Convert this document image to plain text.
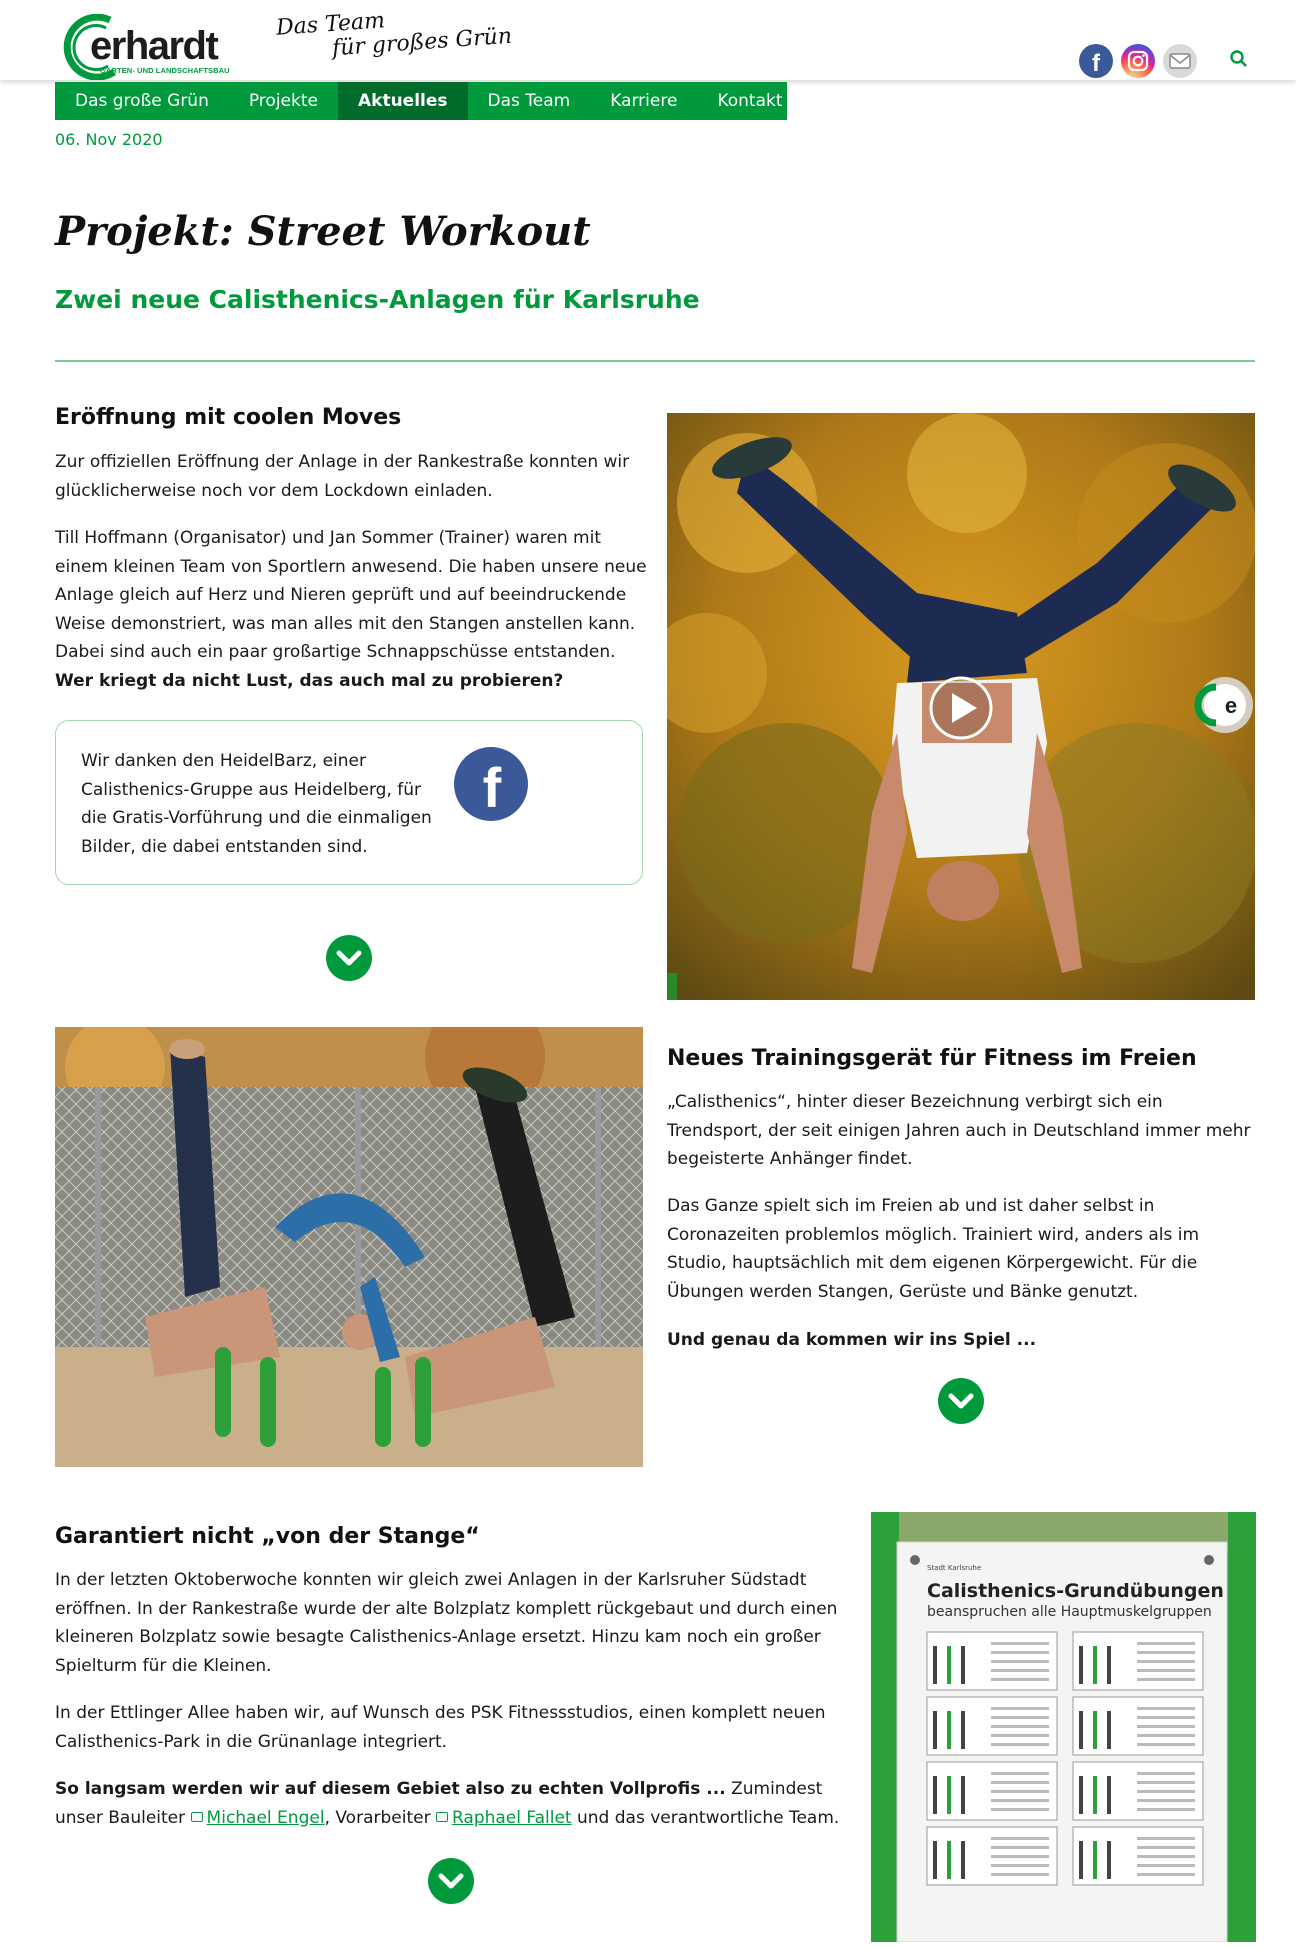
erhardt
GARTEN- UND LANDSCHAFTSBAU
Das Team
für großes Grün
f
Das große Grün	Projekte	Aktuelles	Das Team	Karriere	Kontakt
06. Nov 2020
Projekt: Street Workout
Zwei neue Calisthenics-Anlagen für Karlsruhe
Eröffnung mit coolen Moves

Zur offiziellen Eröffnung der Anlage in der Rankestraße konnten wir glücklicherweise noch vor dem Lockdown einladen.

Till Hoffmann (Organisator) und Jan Sommer (Trainer) waren mit einem kleinen Team von Sportlern anwesend. Die haben unsere neue Anlage gleich auf Herz und Nieren geprüft und auf beeindruckende Weise demonstriert, was man alles mit den Stangen anstellen kann. Dabei sind auch ein paar großartige Schnappschüsse entstanden. Wer kriegt da nicht Lust, das auch mal zu probieren?

Wir danken den HeidelBarz, einer Calisthenics-Gruppe aus Heidelberg, für die Gratis-Vorführung und die einmaligen Bilder, die dabei entstanden sind.

f
e
Neues Trainingsgerät für Fitness im Freien

„Calisthenics“, hinter dieser Bezeichnung verbirgt sich ein Trendsport, der seit einigen Jahren auch in Deutschland immer mehr begeisterte Anhänger findet.

Das Ganze spielt sich im Freien ab und ist daher selbst in Coronazeiten problemlos möglich. Trainiert wird, anders als im Studio, hauptsächlich mit dem eigenen Körpergewicht. Für die Übungen werden Stangen, Gerüste und Bänke genutzt.

Und genau da kommen wir ins Spiel ...

Garantiert nicht „von der Stange“

In der letzten Oktoberwoche konnten wir gleich zwei Anlagen in der Karlsruher Südstadt eröffnen. In der Rankestraße wurde der alte Bolzplatz komplett rückgebaut und durch einen kleineren Bolzplatz sowie besagte Calisthenics-Anlage ersetzt. Hinzu kam noch ein großer Spielturm für die Kleinen.

In der Ettlinger Allee haben wir, auf Wunsch des PSK Fitnessstudios, einen komplett neuen Calisthenics-Park in die Grünanlage integriert.

So langsam werden wir auf diesem Gebiet also zu echten Vollprofis ... Zumindest unser Bauleiter Michael Engel, Vorarbeiter Raphael Fallet und das verantwortliche Team.

Stadt Karlsruhe
Calisthenics-Grundübungen
beanspruchen alle Hauptmuskelgruppen
